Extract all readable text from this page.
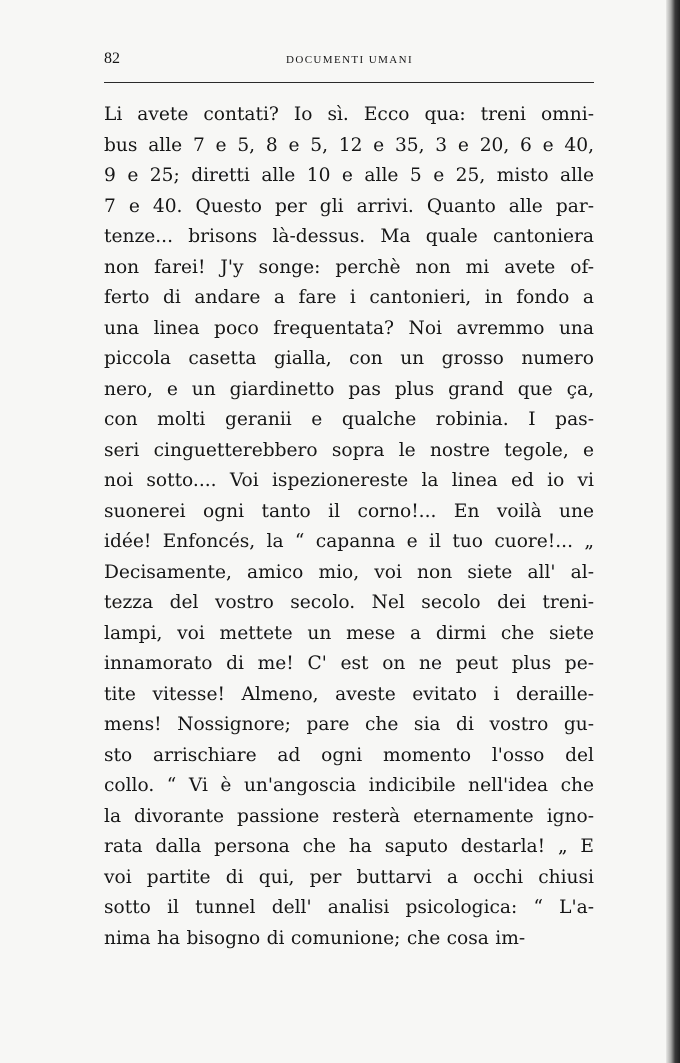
82	DOCUMENTI UMANI
Li avete contati? Io sì. Ecco qua: treni omni-
bus alle 7 e 5, 8 e 5, 12 e 35, 3 e 20, 6 e 40,
9 e 25; diretti alle 10 e alle 5 e 25, misto alle
7 e 40. Questo per gli arrivi. Quanto alle par-
tenze... brisons là-dessus. Ma quale cantoniera
non farei! J'y songe: perchè non mi avete of-
ferto di andare a fare i cantonieri, in fondo a
una linea poco frequentata? Noi avremmo una
piccola casetta gialla, con un grosso numero
nero, e un giardinetto pas plus grand que ça,
con molti geranii e qualche robinia. I pas-
seri cinguetterebbero sopra le nostre tegole, e
noi sotto.... Voi ispezionereste la linea ed io vi
suonerei ogni tanto il corno!... En voilà une
idée! Enfoncés, la “ capanna e il tuo cuore!... „
Decisamente, amico mio, voi non siete all' al-
tezza del vostro secolo. Nel secolo dei treni-
lampi, voi mettete un mese a dirmi che siete
innamorato di me! C' est on ne peut plus pe-
tite vitesse! Almeno, aveste evitato i deraille-
mens! Nossignore; pare che sia di vostro gu-
sto arrischiare ad ogni momento l'osso del
collo. “ Vi è un'angoscia indicibile nell'idea che
la divorante passione resterà eternamente igno-
rata dalla persona che ha saputo destarla! „ E
voi partite di qui, per buttarvi a occhi chiusi
sotto il tunnel dell' analisi psicologica: “ L'a-
nima ha bisogno di comunione; che cosa im-
